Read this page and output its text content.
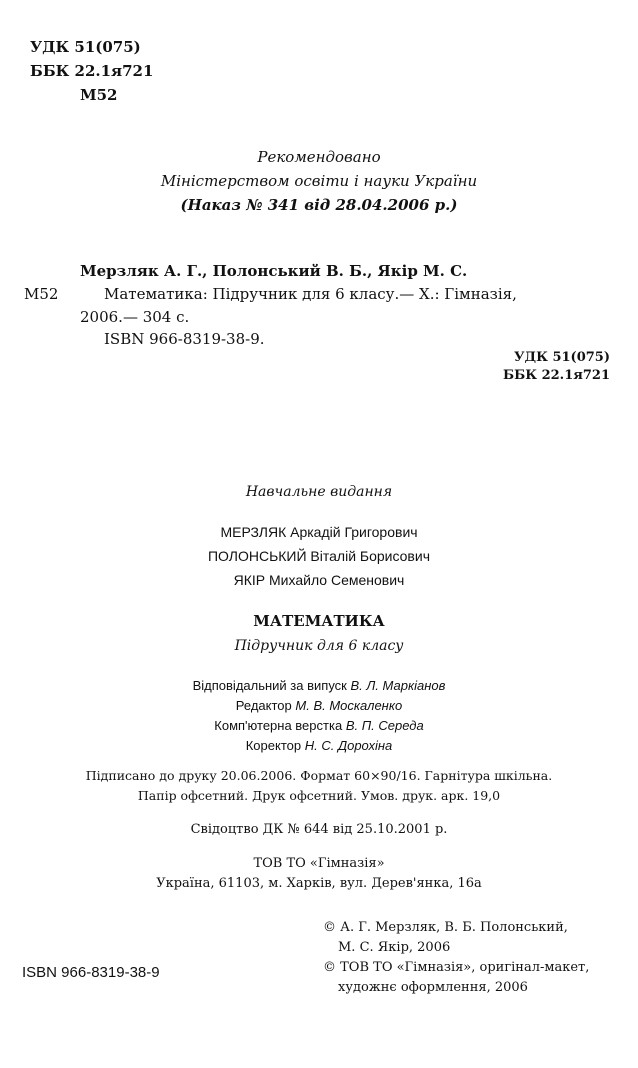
УДК 51(075)
ББК 22.1я721
М52
Рекомендовано
Міністерством освіти і науки України
(Наказ № 341 від 28.04.2006 р.)
Мерзляк А. Г., Полонський В. Б., Якір М. С.
М52	Математика: Підручник для 6 класу.— Х.: Гімназія,
2006.— 304 с.
ISBN 966-8319-38-9.
УДК 51(075)
ББК 22.1я721
Навчальне видання
МЕРЗЛЯК Аркадій Григорович
ПОЛОНСЬКИЙ Віталій Борисович
ЯКІР Михайло Семенович
МАТЕМАТИКА
Підручник для 6 класу
Відповідальний за випуск В. Л. Маркіанов
Редактор М. В. Москаленко
Комп'ютерна верстка В. П. Середа
Коректор Н. С. Дорохіна
Підписано до друку 20.06.2006. Формат 60×90/16. Гарнітура шкільна.
Папір офсетний. Друк офсетний. Умов. друк. арк. 19,0
Свідоцтво ДК № 644 від 25.10.2001 р.
ТОВ ТО «Гімназія»
Україна, 61103, м. Харків, вул. Дерев'янка, 16а
© А. Г. Мерзляк, В. Б. Полонський,
М. С. Якір, 2006
© ТОВ ТО «Гімназія», оригінал-макет,
художнє оформлення, 2006
ISBN 966-8319-38-9
